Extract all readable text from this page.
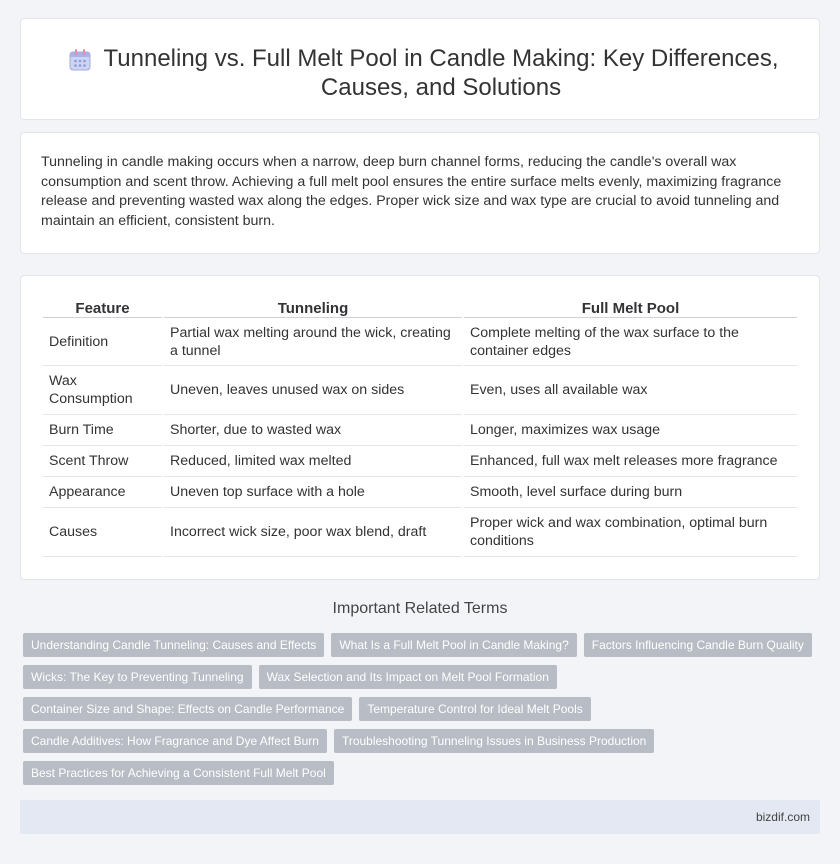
Tunneling vs. Full Melt Pool in Candle Making: Key Differences, Causes, and Solutions

Tunneling in candle making occurs when a narrow, deep burn channel forms, reducing the candle's overall wax consumption and scent throw. Achieving a full melt pool ensures the entire surface melts evenly, maximizing fragrance release and preventing wasted wax along the edges. Proper wick size and wax type are crucial to avoid tunneling and maintain an efficient, consistent burn.

Feature	Tunneling	Full Melt Pool
Definition	Partial wax melting around the wick, creating a tunnel	Complete melting of the wax surface to the container edges
Wax Consumption	Uneven, leaves unused wax on sides	Even, uses all available wax
Burn Time	Shorter, due to wasted wax	Longer, maximizes wax usage
Scent Throw	Reduced, limited wax melted	Enhanced, full wax melt releases more fragrance
Appearance	Uneven top surface with a hole	Smooth, level surface during burn
Causes	Incorrect wick size, poor wax blend, draft	Proper wick and wax combination, optimal burn conditions
Important Related Terms
Understanding Candle Tunneling: Causes and Effects	What Is a Full Melt Pool in Candle Making?	Factors Influencing Candle Burn Quality
Wicks: The Key to Preventing Tunneling	Wax Selection and Its Impact on Melt Pool Formation
Container Size and Shape: Effects on Candle Performance	Temperature Control for Ideal Melt Pools
Candle Additives: How Fragrance and Dye Affect Burn	Troubleshooting Tunneling Issues in Business Production
Best Practices for Achieving a Consistent Full Melt Pool
bizdif.com
